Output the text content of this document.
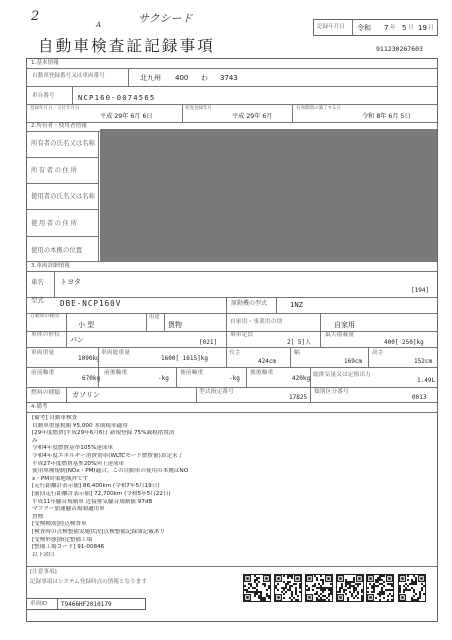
2
A	サクシード
自動車検査証記録事項
記録年月日 令和 7 年 5 月 19 日
911230267603
1.基本情報
自動車登録番号又は車両番号	北九州 400 わ 3743
車台番号	NCP160-0074565
登録年月日／交付年月日
平成 29年 6月 6日
初度登録年月
平成 29年 6月
有効期間の満了する日
令和 8年 6月 5日
2.所有者・使用者情報
所有者の氏名又は名称
所有者の住所
使用者の氏名又は名称
使用者の住所
使用の本拠の位置
3.車両詳細情報
車名 トヨタ
[194]
型式 DBE-NCP160V	原動機の型式	1NZ
自動車の種別
小 型
用途
貨物	自家用・事業用の別	自家用
車体の形状
バン	[021]
乗車定員
2[ 5]人
最大積載量
400[ 250]kg
車両重量
1090kg
車両総重量
1600[ 1615]kg
長さ
424cm
幅
169cm
高さ
152cm
前前軸重
670kg
前後軸重
-kg
後前軸重
-kg
後後軸重
420kg 総排気量又は定格出力
1.49L
燃料の種類 ガソリン	型式指定番号
17825
類別区分番号
0013
4.備考
[備考] 自動車検査
自動車重量税額 ¥5,000 本則税率適用
[29年度燃費]平成29年6月6日 新規登録 75%減税措置済
み
令和4年度燃費基準105%達成車
令和4年度エネルギー消費効率(WLTCモード燃費値)算定未了
平成27年度燃費基準20%向上達成車
使用車種規制(NOx・PM)適合。この自動車の使用の本拠はNO
x・PM対策地域外です
[走行距離計表示値] 86,400km (令和7年5月19日)
[前回走行距離計表示値] 72,700km (令和5年5月22日)
平成11年騒音規制車 近接排気騒音規制値 97dB
マフラー加速騒音規制適用車
貨物
[受検種別]持込検査車
[検査時の点検整備実施状況]点検整備記録簿記載あり
[受検形態]指定整備工場
[整備工場コード] 91-00846
以下余白
[注意事項]
記録事項はシステム登録時点の情報となります
車両ID T9466HF2010179
